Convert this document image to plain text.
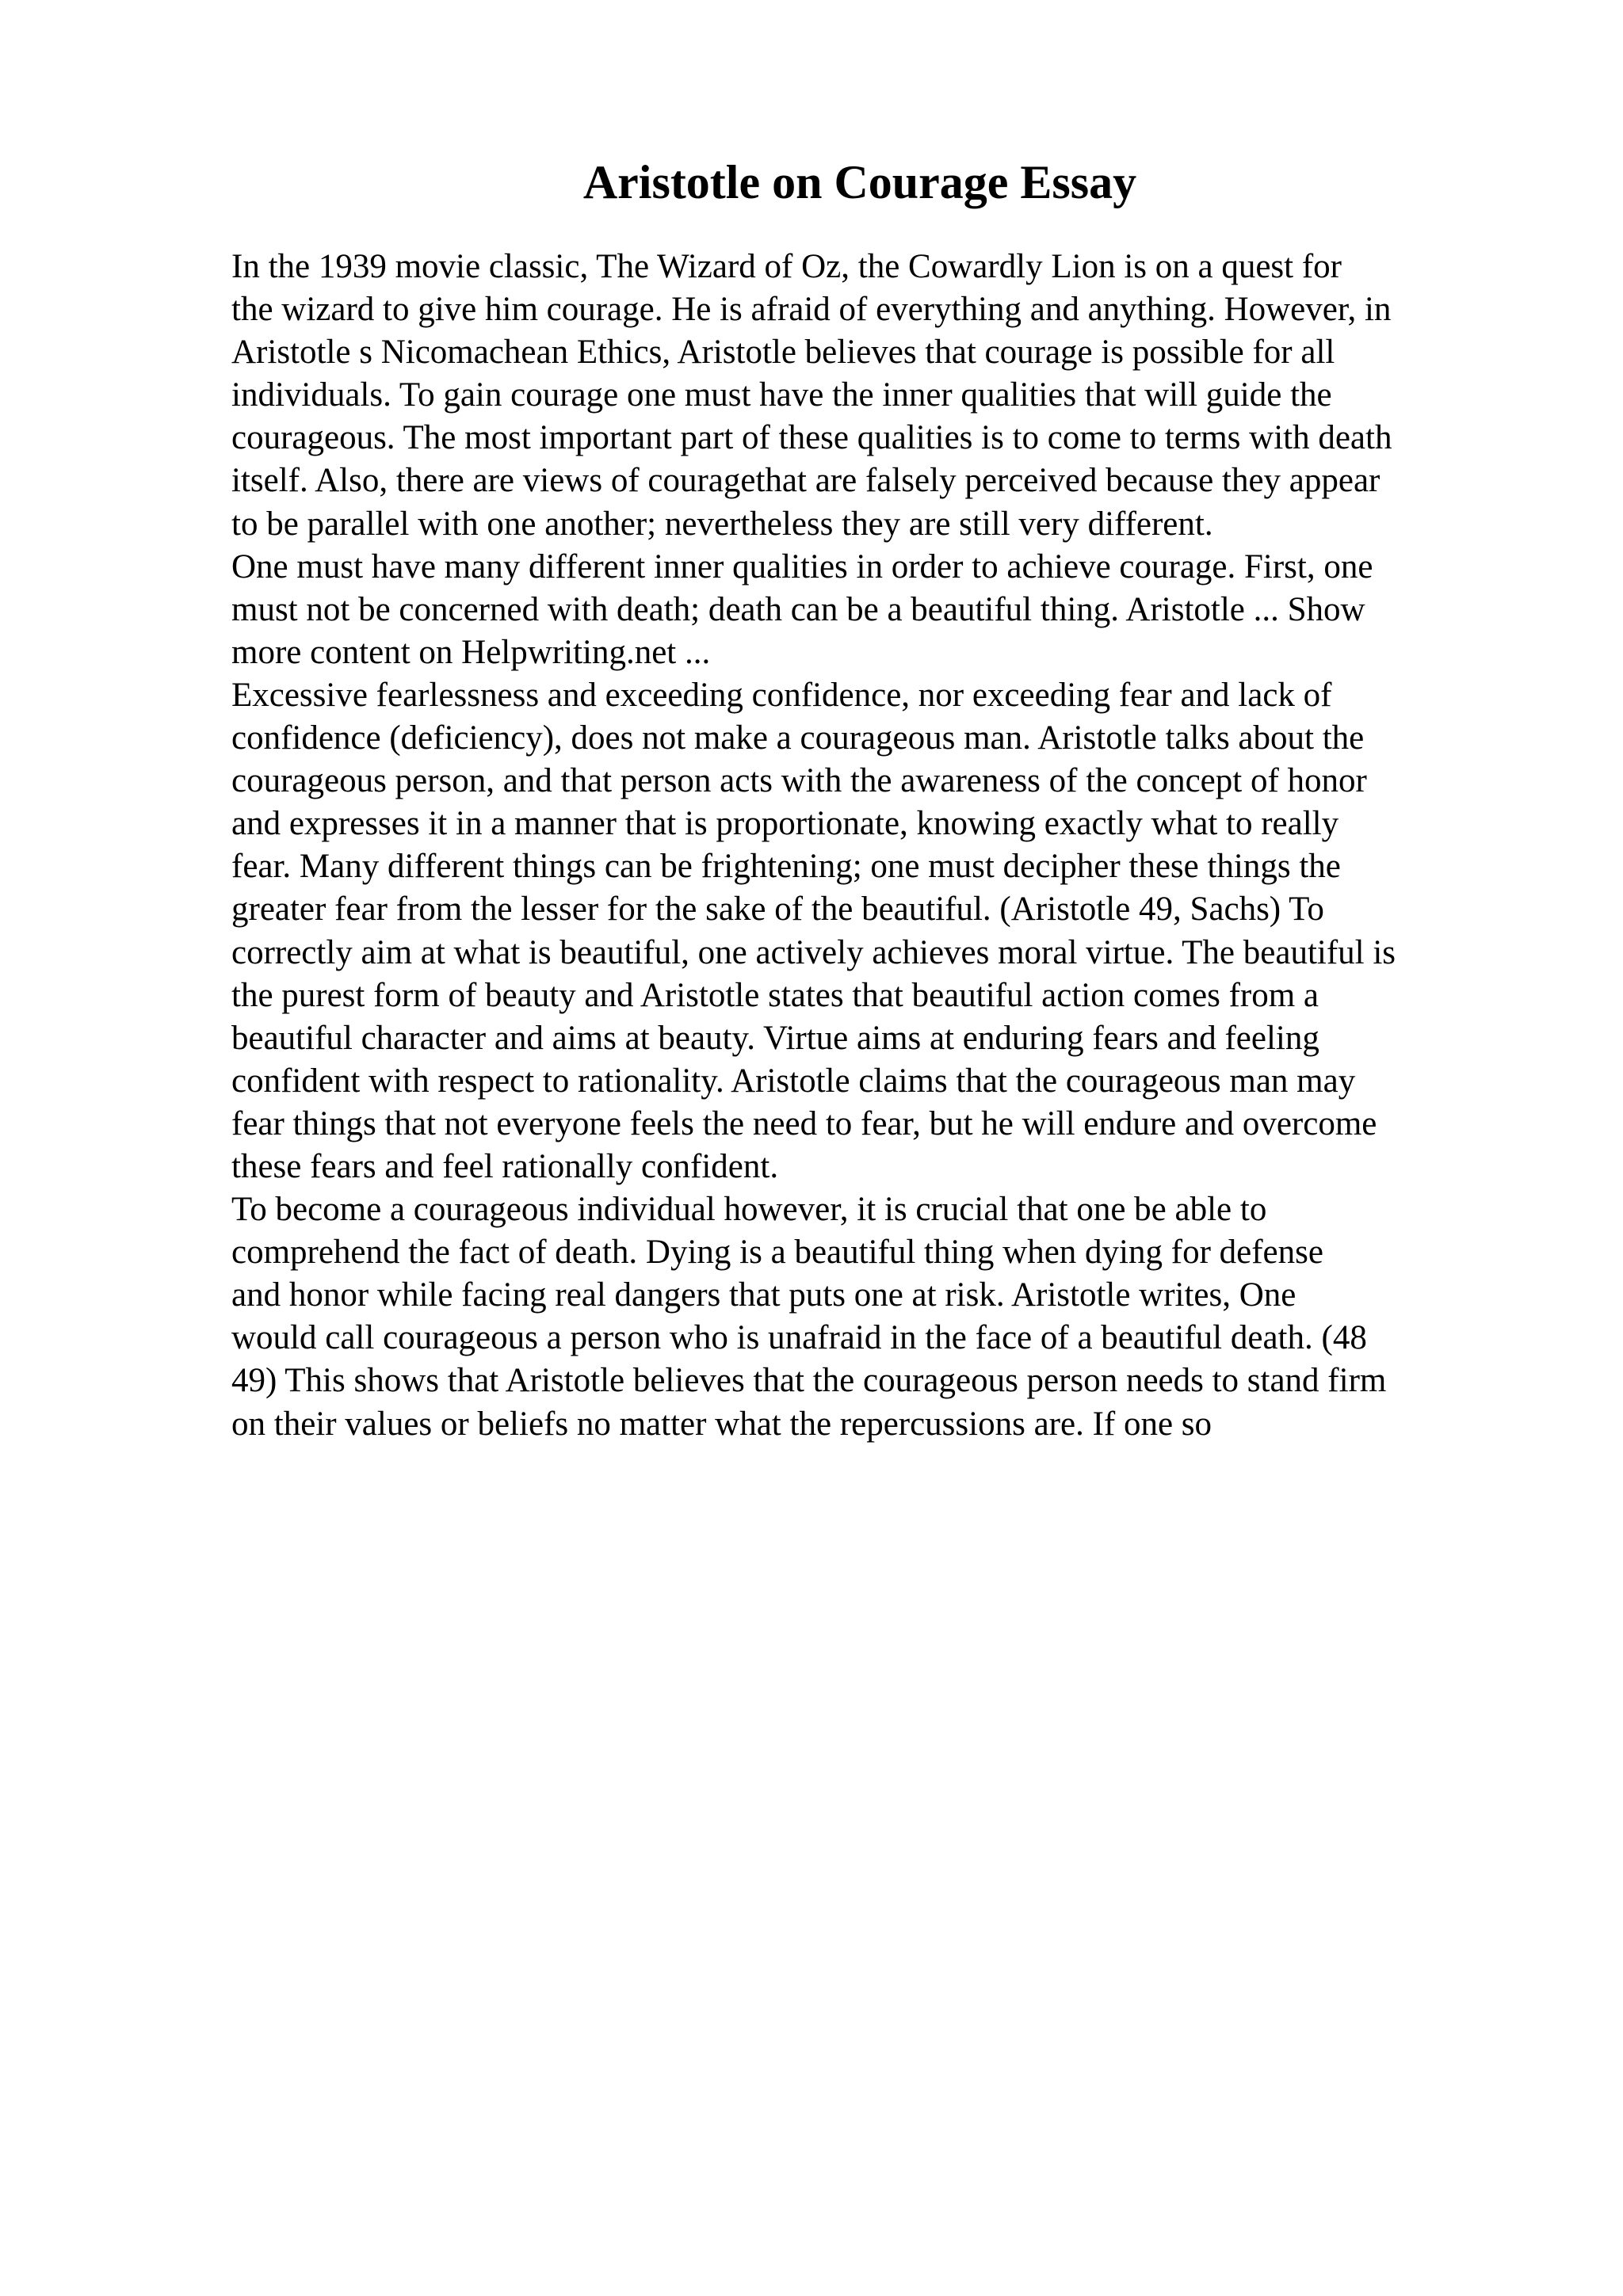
Aristotle on Courage Essay
In the 1939 movie classic, The Wizard of Oz, the Cowardly Lion is on a quest for
the wizard to give him courage. He is afraid of everything and anything. However, in
Aristotle s Nicomachean Ethics, Aristotle believes that courage is possible for all
individuals. To gain courage one must have the inner qualities that will guide the
courageous. The most important part of these qualities is to come to terms with death
itself. Also, there are views of couragethat are falsely perceived because they appear
to be parallel with one another; nevertheless they are still very different.
One must have many different inner qualities in order to achieve courage. First, one
must not be concerned with death; death can be a beautiful thing. Aristotle ... Show
more content on Helpwriting.net ...
Excessive fearlessness and exceeding confidence, nor exceeding fear and lack of
confidence (deficiency), does not make a courageous man. Aristotle talks about the
courageous person, and that person acts with the awareness of the concept of honor
and expresses it in a manner that is proportionate, knowing exactly what to really
fear. Many different things can be frightening; one must decipher these things the
greater fear from the lesser for the sake of the beautiful. (Aristotle 49, Sachs) To
correctly aim at what is beautiful, one actively achieves moral virtue. The beautiful is
the purest form of beauty and Aristotle states that beautiful action comes from a
beautiful character and aims at beauty. Virtue aims at enduring fears and feeling
confident with respect to rationality. Aristotle claims that the courageous man may
fear things that not everyone feels the need to fear, but he will endure and overcome
these fears and feel rationally confident.
To become a courageous individual however, it is crucial that one be able to
comprehend the fact of death. Dying is a beautiful thing when dying for defense
and honor while facing real dangers that puts one at risk. Aristotle writes, One
would call courageous a person who is unafraid in the face of a beautiful death. (48
49) This shows that Aristotle believes that the courageous person needs to stand firm
on their values or beliefs no matter what the repercussions are. If one so
